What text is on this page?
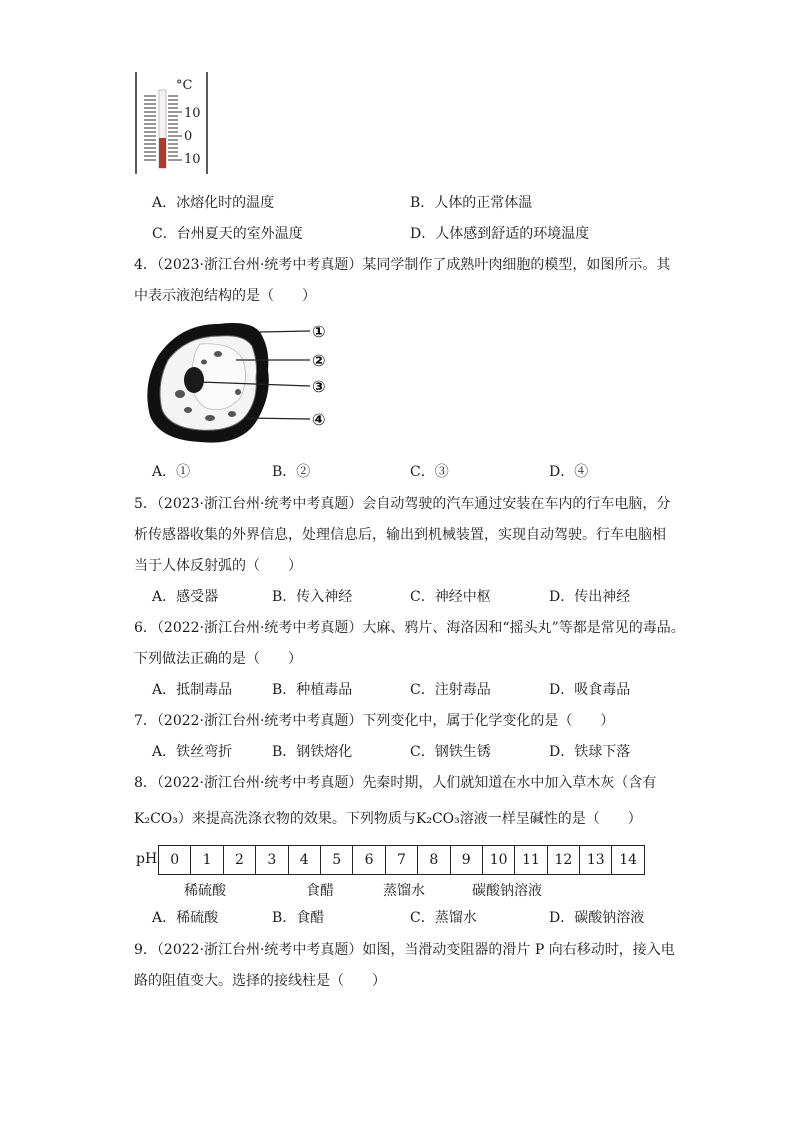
°C
10
0
10
A．冰熔化时的温度	B．人体的正常体温
C．台州夏天的室外温度	D．人体感到舒适的环境温度
4．（2023·浙江台州·统考中考真题）某同学制作了成熟叶肉细胞的模型，如图所示。其
中表示液泡结构的是（　　）
①
②
③
④
A．①	B．②	C．③	D．④
5．（2023·浙江台州·统考中考真题）会自动驾驶的汽车通过安装在车内的行车电脑，分
析传感器收集的外界信息，处理信息后，输出到机械装置，实现自动驾驶。行车电脑相
当于人体反射弧的（　　）
A．感受器	B．传入神经	C．神经中枢	D．传出神经
6．（2022·浙江台州·统考中考真题）大麻、鸦片、海洛因和“摇头丸”等都是常见的毒品。
下列做法正确的是（　　）
A．抵制毒品	B．种植毒品	C．注射毒品	D．吸食毒品
7．（2022·浙江台州·统考中考真题）下列变化中，属于化学变化的是（　　）
A．铁丝弯折	B．钢铁熔化	C．钢铁生锈	D．铁球下落
8．（2022·浙江台州·统考中考真题）先秦时期，人们就知道在水中加入草木灰（含有
K₂CO₃）来提高洗涤衣物的效果。下列物质与K₂CO₃溶液一样呈碱性的是（　　）
pH 0	1	2	3	4	5	6	7	8	9	10	11	12	13	14
稀硫酸	食醋	蒸馏水	碳酸钠溶液
A．稀硫酸	B．食醋	C．蒸馏水	D．碳酸钠溶液
9．（2022·浙江台州·统考中考真题）如图，当滑动变阻器的滑片 P 向右移动时，接入电
路的阻值变大。选择的接线柱是（　　）
